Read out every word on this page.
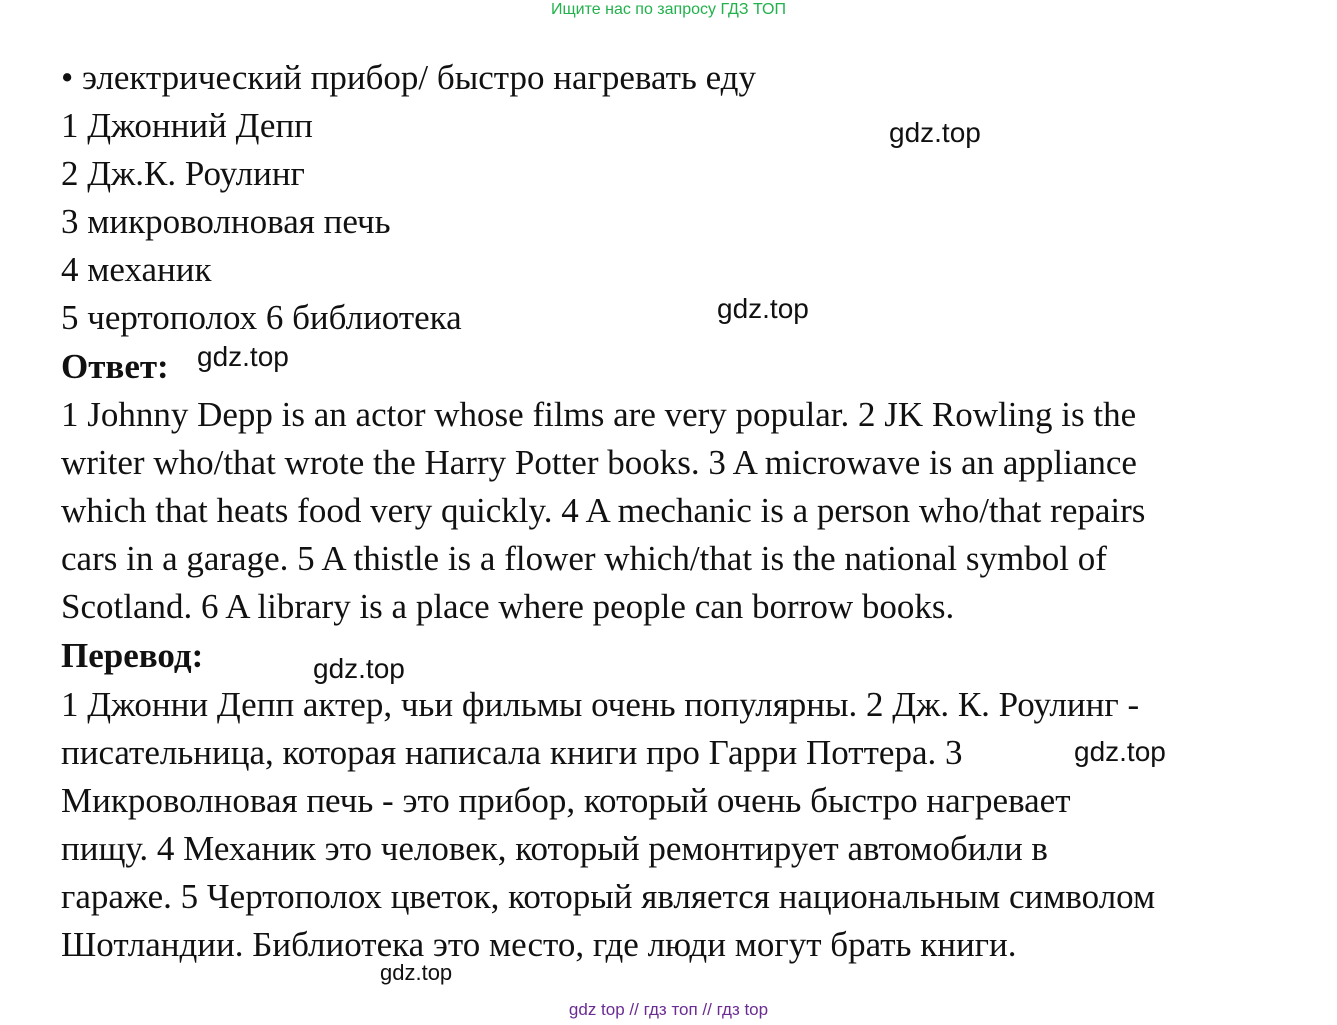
Ищите нас по запросу ГДЗ ТОП
• электрический прибор/ быстро нагревать еду
1 Джонний Депп
2 Дж.К. Роулинг
3 микроволновая печь
4 механик
5 чертополох 6 библиотека
Ответ:
1 Johnny Depp is an actor whose films are very popular. 2 JK Rowling is the
writer who/that wrote the Harry Potter books. 3 A microwave is an appliance
which that heats food very quickly. 4 A mechanic is a person who/that repairs
cars in a garage. 5 A thistle is a flower which/that is the national symbol of
Scotland. 6 A library is a place where people can borrow books.
Перевод:
1 Джонни Депп актер, чьи фильмы очень популярны. 2 Дж. К. Роулинг -
писательница, которая написала книги про Гарри Поттера. 3
Микроволновая печь - это прибор, который очень быстро нагревает
пищу. 4 Механик это человек, который ремонтирует автомобили в
гараже. 5 Чертополох цветок, который является национальным символом
Шотландии. Библиотека это место, где люди могут брать книги.
gdz.top
gdz.top
gdz.top
gdz.top
gdz.top
gdz.top
gdz top // гдз топ // гдз top
